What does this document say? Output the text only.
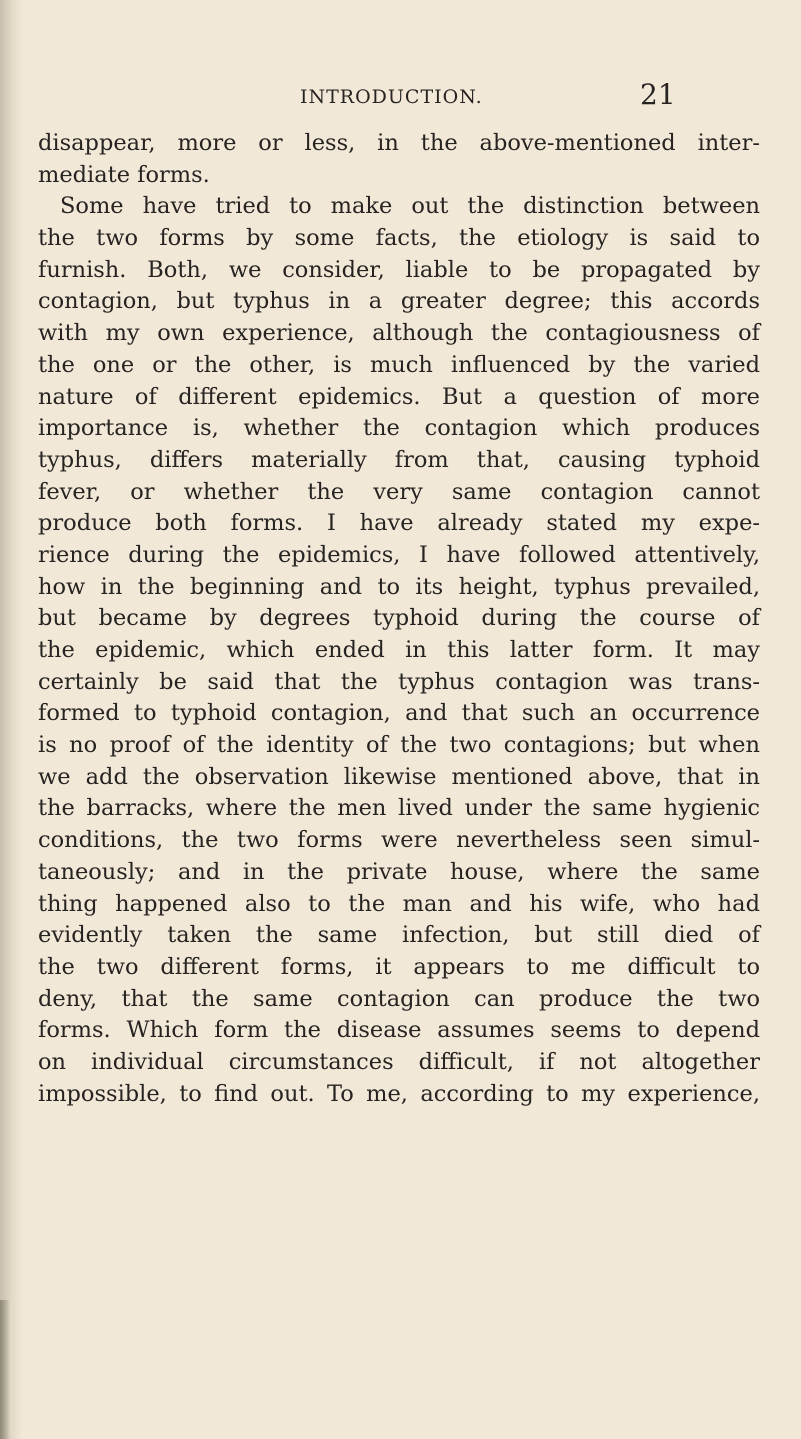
INTRODUCTION.	21
disappear, more or less, in the above-mentioned inter-
mediate forms.
Some have tried to make out the distinction between
the two forms by some facts, the etiology is said to
furnish. Both, we consider, liable to be propagated by
contagion, but typhus in a greater degree; this accords
with my own experience, although the contagiousness of
the one or the other, is much influenced by the varied
nature of different epidemics. But a question of more
importance is, whether the contagion which produces
typhus, differs materially from that, causing typhoid
fever, or whether the very same contagion cannot
produce both forms. I have already stated my expe-
rience during the epidemics, I have followed attentively,
how in the beginning and to its height, typhus prevailed,
but became by degrees typhoid during the course of
the epidemic, which ended in this latter form. It may
certainly be said that the typhus contagion was trans-
formed to typhoid contagion, and that such an occurrence
is no proof of the identity of the two contagions; but when
we add the observation likewise mentioned above, that in
the barracks, where the men lived under the same hygienic
conditions, the two forms were nevertheless seen simul-
taneously; and in the private house, where the same
thing happened also to the man and his wife, who had
evidently taken the same infection, but still died of
the two different forms, it appears to me difficult to
deny, that the same contagion can produce the two
forms. Which form the disease assumes seems to depend
on individual circumstances difficult, if not altogether
impossible, to find out. To me, according to my experience,
